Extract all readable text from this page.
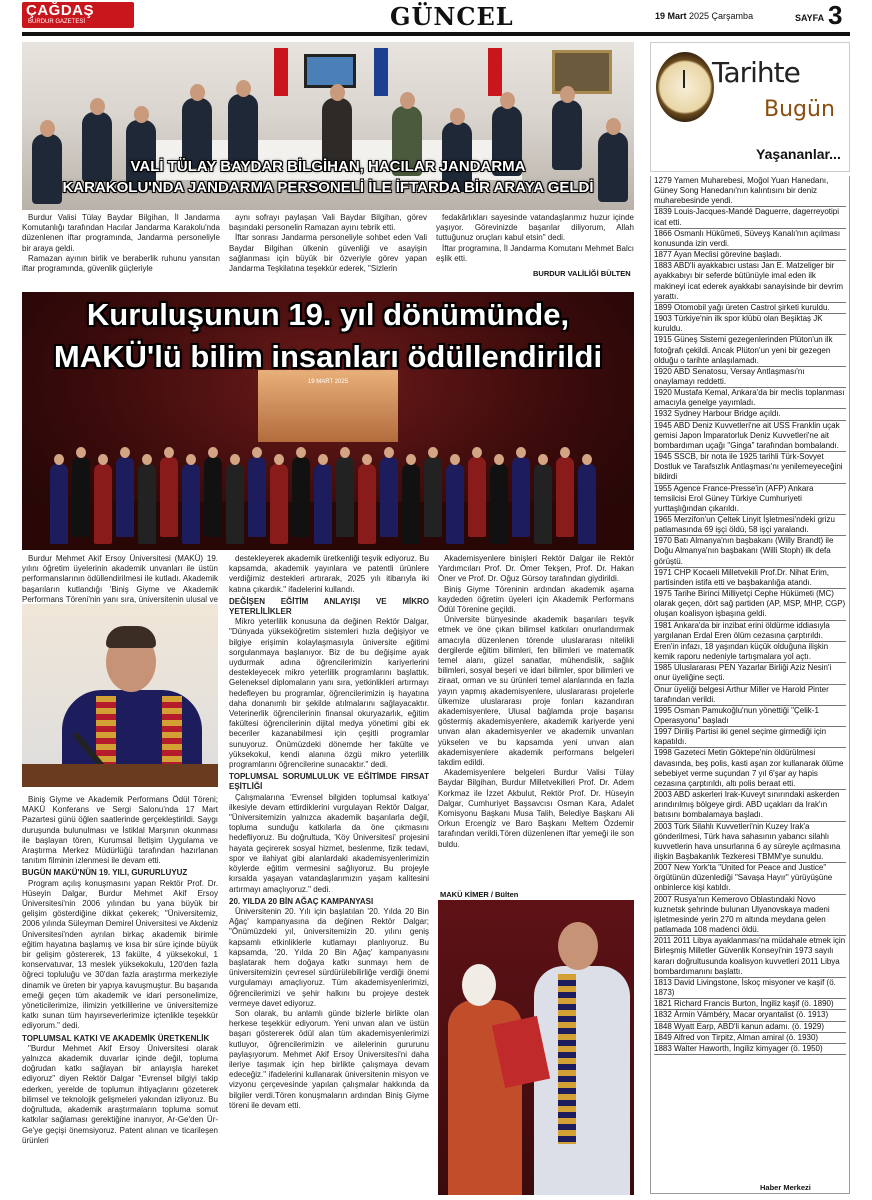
ÇAĞDAŞ
BURDUR GAZETESİ	GÜNCEL	19 Mart 2025 Çarşamba	SAYFA 3
VALİ TÜLAY BAYDAR BİLGİHAN, HACILAR JANDARMA
KARAKOLU'NDA JANDARMA PERSONELİ İLE İFTARDA BİR ARAYA GELDİ

Burdur Valisi Tülay Baydar Bilgihan, İl Jandarma Komutanlığı tarafından Hacılar Jandarma Karakolu'nda düzenlenen iftar programında, Jandarma personeliyle bir araya geldi.

Ramazan ayının birlik ve beraberlik ruhunu yansıtan iftar programında, güvenlik güçleriyle

aynı sofrayı paylaşan Vali Baydar Bilgihan, görev başındaki personelin Ramazan ayını tebrik etti.

İftar sonrası Jandarma personeliyle sohbet eden Vali Baydar Bilgihan ülkenin güvenliği ve asayişin sağlanması için büyük bir özveriyle görev yapan Jandarma Teşkilatına teşekkür ederek, "Sizlerin

fedakârlıkları sayesinde vatandaşlarımız huzur içinde yaşıyor. Görevinizde başarılar diliyorum, Allah tuttuğunuz oruçları kabul etsin" dedi.

İftar programına, İl Jandarma Komutanı Mehmet Balcı eşlik etti.

BURDUR VALİLİĞİ BÜLTEN
19 MART 2025
Kuruluşunun 19. yıl dönümünde,
MAKÜ'lü bilim insanları ödüllendirildi

Burdur Mehmet Akif Ersoy Üniversitesi (MAKÜ) 19. yılını öğretim üyelerinin akademik unvanları ile üstün performanslarının ödüllendirilmesi ile kutladı. Akademik başarıların kutlandığı 'Biniş Giyme ve Akademik Performans Töreni'nin yanı sıra, üniversitenin ulusal ve

Biniş Giyme ve Akademik Performans Ödül Töreni; MAKÜ Konferans ve Sergi Salonu'nda 17 Mart Pazartesi günü öğlen saatlerinde gerçekleştirildi. Saygı duruşunda bulunulması ve İstiklal Marşının okunması ile başlayan tören, Kurumsal İletişim Uygulama ve Araştırma Merkez Müdürlüğü tarafından hazırlanan tanıtım filminin izlenmesi ile devam etti.

BUGÜN MAKÜ'NÜN 19. YILI, GURURLUYUZ

Program açılış konuşmasını yapan Rektör Prof. Dr. Hüseyin Dalgar, Burdur Mehmet Akif Ersoy Üniversitesi'nin 2006 yılından bu yana büyük bir gelişim gösterdiğine dikkat çekerek; "Üniversitemiz, 2006 yılında Süleyman Demirel Üniversitesi ve Akdeniz Üniversitesi'nden ayrılan birkaç akademik birimle eğitim hayatına başlamış ve kısa bir süre içinde büyük bir gelişim göstererek, 13 fakülte, 4 yüksekokul, 1 konservatuvar, 13 meslek yüksekokulu, 120'den fazla öğreci topluluğu ve 30'dan fazla araştırma merkeziyle dinamik ve üreten bir yapıya kavuşmuştur. Bu başarıda emeği geçen tüm akademik ve idari personelimize, yöneticilerimize, ilimizin yetkililerine ve üniversitemize katkı sunan tüm hayırseverlerimize içtenlikle teşekkür ediyorum." dedi.

TOPLUMSAL KATKI VE AKADEMİK ÜRETKENLİK

"Burdur Mehmet Akif Ersoy Üniversitesi olarak yalnızca akademik duvarlar içinde değil, topluma doğrudan katkı sağlayan bir anlayışla hareket ediyoruz" diyen Rektör Dalgar "Evrensel bilgiyi takip ederken, yerelde de toplumun ihtiyaçlarını gözeterek bilimsel ve teknolojik gelişmeleri yakından izliyoruz. Bu doğrultuda, akademik araştırmaların topluma somut katkılar sağlaması gerektiğine inanıyor, Ar-Ge'den Ür-Ge'ye geçişi önemsiyoruz. Patent alınan ve ticarileşen ürünleri

destekleyerek akademik üretkenliği teşvik ediyoruz. Bu kapsamda, akademik yayınlara ve patentli ürünlere verdiğimiz destekleri artırarak, 2025 yılı itibarıyla iki katına çıkardık." ifadelerini kullandı.

DEĞİŞEN EĞİTİM ANLAYIŞI VE MİKRO YETERLİLİKLER

Mikro yeterlilik konusuna da değinen Rektör Dalgar, "Dünyada yükseköğretim sistemleri hızla değişiyor ve bilgiye erişimin kolaylaşmasıyla üniversite eğitimi sorgulanmaya başlanıyor. Biz de bu değişime ayak uydurmak adına öğrencilerimizin kariyerlerini destekleyecek mikro yeterlilik programlarını başlattık. Geleneksel diplomaların yanı sıra, yetkinlikleri artırmayı hedefleyen bu programlar, öğrencilerimizin iş hayatına daha donanımlı bir şekilde atılmalarını sağlayacaktır. Veterinerlik öğrencilerinin finansal okuryazarlık, eğitim fakültesi öğrencilerinin dijital medya yönetimi gibi ek beceriler kazanabilmesi için çeşitli programlar sunuyoruz. Önümüzdeki dönemde her fakülte ve yüksekokul, kendi alanına özgü mikro yeterlilik programlarını öğrencilerine sunacaktır." dedi.

TOPLUMSAL SORUMLULUK VE EĞİTİMDE FIRSAT EŞİTLİĞİ

Çalışmalarına 'Evrensel bilgiden toplumsal katkıya' ilkesiyle devam ettirdiklerini vurgulayan Rektör Dalgar, "Üniversitemizin yalnızca akademik başarılarla değil, topluma sunduğu katkılarla da öne çıkmasını hedefliyoruz. Bu doğrultuda, 'Köy Üniversitesi' projesini hayata geçirerek sosyal hizmet, beslenme, fizik tedavi, spor ve ilahiyat gibi alanlardaki akademisyenlerimizin köylerde eğitim vermesini sağlıyoruz. Bu projeyle kırsalda yaşayan vatandaşlarımızın yaşam kalitesini artırmayı amaçlıyoruz." dedi.

20. YILDA 20 BİN AĞAÇ KAMPANYASI

Üniversitenin 20. Yılı için başlatılan '20. Yılda 20 Bin Ağaç' kampanyasına da değinen Rektör Dalgar; "Önümüzdeki yıl, üniversitemizin 20. yılını geniş kapsamlı etkinliklerle kutlamayı planlıyoruz. Bu kapsamda, '20. Yılda 20 Bin Ağaç' kampanyasını başlatarak hem doğaya katkı sunmayı hem de üniversitemizin çevresel sürdürülebilirliğe verdiği önemi vurgulamayı amaçlıyoruz. Tüm akademisyenlerimizi, öğrencilerimizi ve şehir halkını bu projeye destek vermeye davet ediyoruz.

Son olarak, bu anlamlı günde bizlerle birlikte olan herkese teşekkür ediyorum. Yeni unvan alan ve üstün başarı göstererek ödül alan tüm akademisyenlerimizi kutluyor, öğrencilerimizin ve ailelerinin gururunu paylaşıyorum. Mehmet Akif Ersoy Üniversitesi'ni daha ileriye taşımak için hep birlikte çalışmaya devam edeceğiz." ifadelerini kullanarak üniversitenin misyon ve vizyonu çerçevesinde yapılan çalışmalar hakkında da bilgiler verdi.Tören konuşmaların ardından Biniş Giyme töreni ile devam etti.

Akademisyenlere binişleri Rektör Dalgar ile Rektör Yardımcıları Prof. Dr. Ömer Tekşen, Prof. Dr. Hakan Öner ve Prof. Dr. Oğuz Gürsoy tarafından giydirildi.

Biniş Giyme Töreninin ardından akademik aşama kaydeden öğretim üyeleri için Akademik Performans Ödül Törenine geçildi.

Üniversite bünyesinde akademik başarıları teşvik etmek ve öne çıkan bilimsel katkıları onurlandırmak amacıyla düzenlenen törende uluslararası nitelikli dergilerde eğitim bilimleri, fen bilimleri ve matematik temel alanı, güzel sanatlar, mühendislik, sağlık bilimleri, sosyal beşeri ve idari bilimler, spor bilimleri ve ziraat, orman ve su ürünleri temel alanlarında en fazla yayın yapmış akademisyenlere, uluslararası projelerle ülkemize uluslararası proje fonları kazandıran akademisyenlere, Ulusal bağlamda proje başarısı göstermiş akademisyenlere, akademik kariyerde yeni unvan alan akademisyenler ve akademik unvanları yükselen ve bu kapsamda yeni unvan alan akademisyenlere akademik performans belgeleri takdim edildi.

Akademisyenlere belgeleri Burdur Valisi Tülay Baydar Bilgihan, Burdur Milletvekilleri Prof. Dr. Adem Korkmaz ile İzzet Akbulut, Rektör Prof. Dr. Hüseyin Dalgar, Cumhuriyet Başsavcısı Osman Kara, Adalet Komisyonu Başkanı Musa Talih, Belediye Başkanı Ali Orkun Ercengiz ve Baro Başkanı Meltem Özdemir tarafından verildi.Tören düzenlenen iftar yemeği ile son buldu.

MAKÜ KİMER / Bülten
Tarihte
Bugün
Yaşananlar...
1279 Yamen Muharebesi, Moğol Yuan Hanedanı, Güney Song Hanedanı'nın kalıntısını bir deniz muharebesinde yendi.
1839 Louis-Jacques-Mandé Daguerre, dagerreyotipi icat etti.
1866 Osmanlı Hükûmeti, Süveyş Kanalı'nın açılması konusunda izin verdi.
1877 Ayan Meclisi görevine başladı.
1883 ABD'li ayakkabıcı ustası Jan E. Matzeliger bir ayakkabıyı bir seferde bütünüyle imal eden ilk makineyi icat ederek ayakkabı sanayisinde bir devrim yarattı.
1899 Otomobil yağı üreten Castrol şirketi kuruldu.
1903 Türkiye'nin ilk spor klübü olan Beşiktaş JK kuruldu.
1915 Güneş Sistemi gezegenlerinden Plüton'un ilk fotoğrafı çekildi. Ancak Plüton'un yeni bir gezegen olduğu o tarihte anlaşılamadı.
1920 ABD Senatosu, Versay Antlaşması'nı onaylamayı reddetti.
1920 Mustafa Kemal, Ankara'da bir meclis toplanması amacıyla genelge yayımladı.
1932 Sydney Harbour Bridge açıldı.
1945 ABD Deniz Kuvvetleri'ne ait USS Franklin uçak gemisi Japon İmparatorluk Deniz Kuvvetleri'ne ait bombardıman uçağı "Ginga" tarafından bombalandı.
1945 SSCB, bir nota ile 1925 tarihli Türk-Sovyet Dostluk ve Tarafsızlık Antlaşması'nı yenilemeyeceğini bildirdi
1955 Agence France-Presse'in (AFP) Ankara temsilcisi Erol Güney Türkiye Cumhuriyeti yurttaşlığından çıkarıldı.
1965 Merzifon'un Çeltek Linyit İşletmesi'ndeki grizu patlamasında 69 işçi öldü, 58 işçi yaralandı.
1970 Batı Almanya'nın başbakanı (Willy Brandt) ile Doğu Almanya'nın başbakanı (Willi Stoph) ilk defa görüştü.
1971 CHP Kocaeli Milletvekili Prof.Dr. Nihat Erim, partisinden istifa etti ve başbakanlığa atandı.
1975 Tarihe Birinci Milliyetçi Cephe Hükümeti (MC) olarak geçen, dört sağ partiden (AP, MSP, MHP, CGP) oluşan koalisyon işbaşına geldi.
1981 Ankara'da bir inzibat erini öldürme iddiasıyla yargılanan Erdal Eren ölüm cezasına çarptırıldı.
Eren'in infazı, 18 yaşından küçük olduğuna ilişkin kemik raporu nedeniyle tartışmalara yol açtı.
1985 Uluslararası PEN Yazarlar Birliği Aziz Nesin'i onur üyeliğine seçti.
Onur üyeliği belgesi Arthur Miller ve Harold Pinter tarafından verildi.
1995 Osman Pamukoğlu'nun yönettiği "Çelik-1 Operasyonu" başladı
1997 Diriliş Partisi iki genel seçime girmediği için kapatıldı.
1998 Gazeteci Metin Göktepe'nin öldürülmesi davasında, beş polis, kasti aşan zor kullanarak ölüme sebebiyet verme suçundan 7 yıl 6'şar ay hapis cezasına çarptırıldı, altı polis beraat etti.
2003 ABD askerleri Irak-Kuveyt sınırındaki askerden arındırılmış bölgeye girdi. ABD uçakları da Irak'ın batısını bombalamaya başladı.
2003 Türk Silahlı Kuvvetleri'nin Kuzey Irak'a gönderilmesi, Türk hava sahasının yabancı silahlı kuvvetlerin hava unsurlarına 6 ay süreyle açılmasına ilişkin Başbakanlık Tezkeresi TBMM'ye sunuldu.
2007 New York'ta "United for Peace and Justice" örgütünün düzenlediği "Savaşa Hayır" yürüyüşüne onbinlerce kişi katıldı.
2007 Rusya'nın Kemerovo Oblastındaki Novo kuznetsk şehrinde bulunan Ulyanovskaya madeni işletmesinde yerin 270 m altında meydana gelen patlamada 108 madenci öldü.
2011 2011 Libya ayaklanması'na müdahale etmek için Birleşmiş Milletler Güvenlik Konseyi'nin 1973 sayılı kararı doğrultusunda koalisyon kuvvetleri 2011 Libya bombardımanını başlattı.
1813 David Livingstone, İskoç misyoner ve kaşif (ö. 1873)
1821 Richard Francis Burton, İngiliz kaşif (ö. 1890)
1832 Ármin Vámbéry, Macar oryantalist (ö. 1913)
1848 Wyatt Earp, ABD'li kanun adamı. (ö. 1929)
1849 Alfred von Tirpitz, Alman amiral (ö. 1930)
1883 Walter Haworth, İngiliz kimyager (ö. 1950)
Haber Merkezi
